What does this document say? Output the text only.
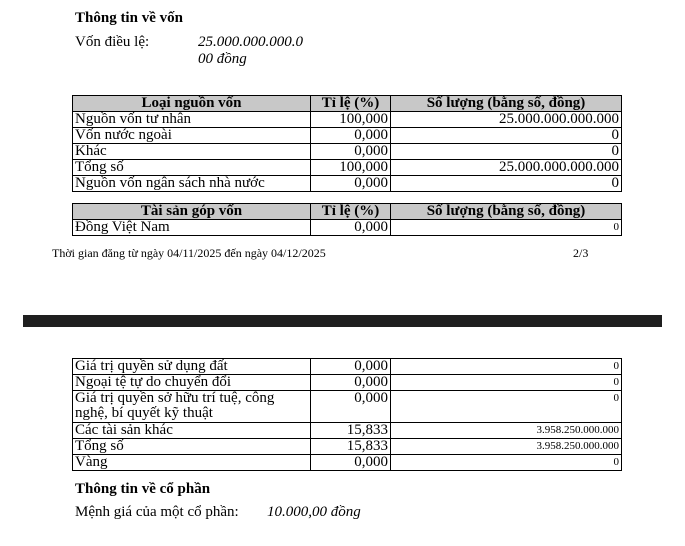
Thông tin về vốn
Vốn điều lệ:	25.000.000.000.0
00 đồng
Loại nguồn vốn	Tỉ lệ (%)	Số lượng (bằng số, đồng)
Nguồn vốn tư nhân	100,000	25.000.000.000.000
Vốn nước ngoài	0,000	0
Khác	0,000	0
Tổng số	100,000	25.000.000.000.000
Nguồn vốn ngân sách nhà nước	0,000	0
Tài sản góp vốn	Tỉ lệ (%)	Số lượng (bằng số, đồng)
Đồng Việt Nam	0,000	0
Thời gian đăng từ ngày 04/11/2025 đến ngày 04/12/2025	2/3
Giá trị quyền sử dụng đất	0,000	0
Ngoại tệ tự do chuyển đổi	0,000	0
Giá trị quyền sở hữu trí tuệ, công nghệ, bí quyết kỹ thuật	0,000	0
Các tài sản khác	15,833	3.958.250.000.000
Tổng số	15,833	3.958.250.000.000
Vàng	0,000	0
Thông tin về cổ phần
Mệnh giá của một cổ phần: 10.000,00 đồng
